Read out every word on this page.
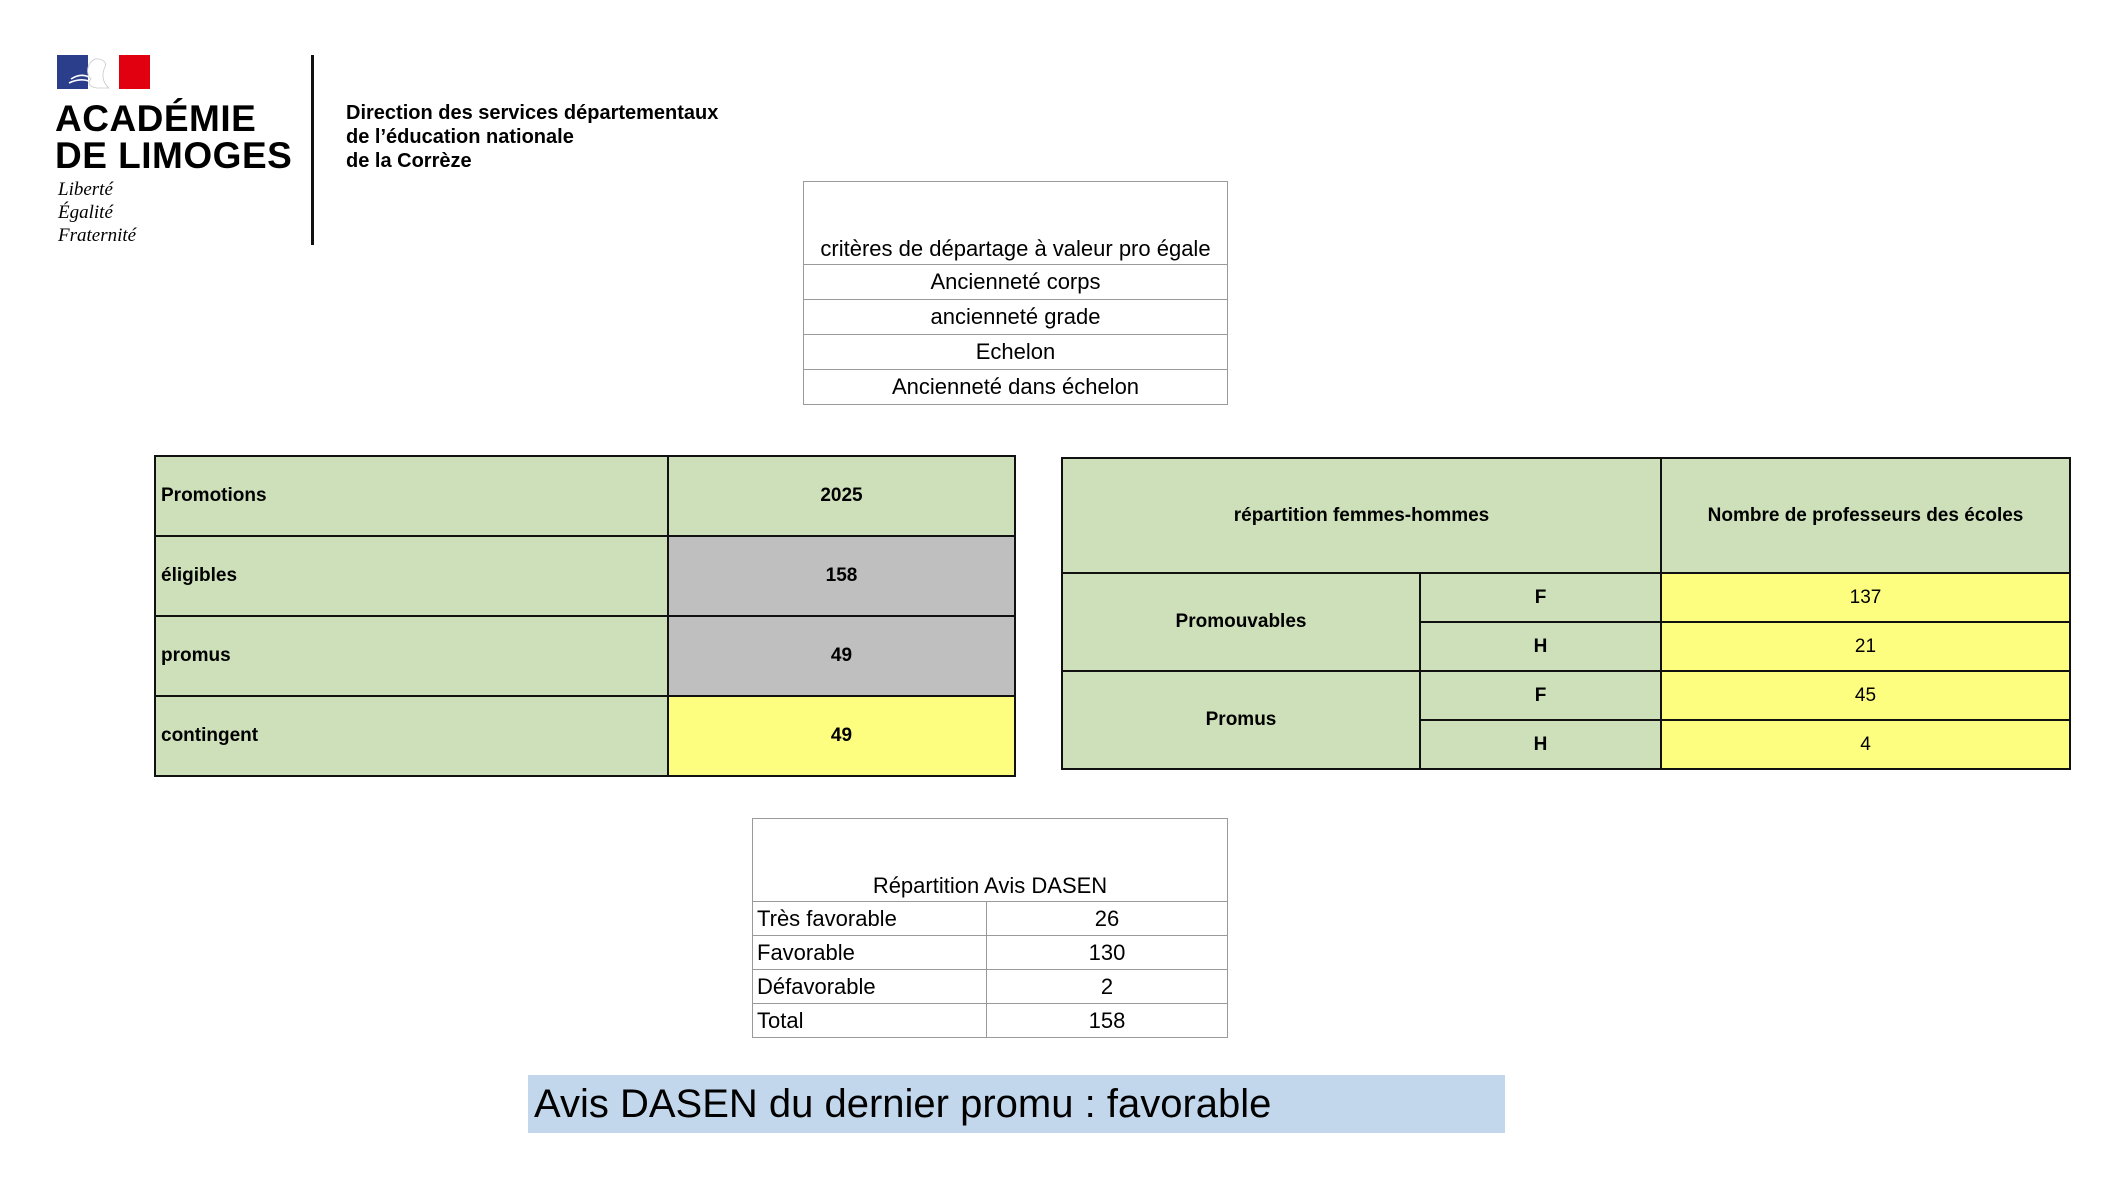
ACADÉMIE
DE LIMOGES
Liberté
Égalité
Fraternité
Direction des services départementaux
de l’éducation nationale
de la Corrèze
critères de départage à valeur pro égale
Ancienneté corps
ancienneté grade
Echelon
Ancienneté dans échelon
Promotions	2025
éligibles	158
promus	49
contingent	49
répartition femmes-hommes		Nombre de professeurs des écoles
Promouvables	F	137
	H	21
Promus	F	45
	H	4
Répartition Avis DASEN	
Très favorable	26
Favorable	130
Défavorable	2
Total	158
Avis DASEN du dernier promu : favorable
